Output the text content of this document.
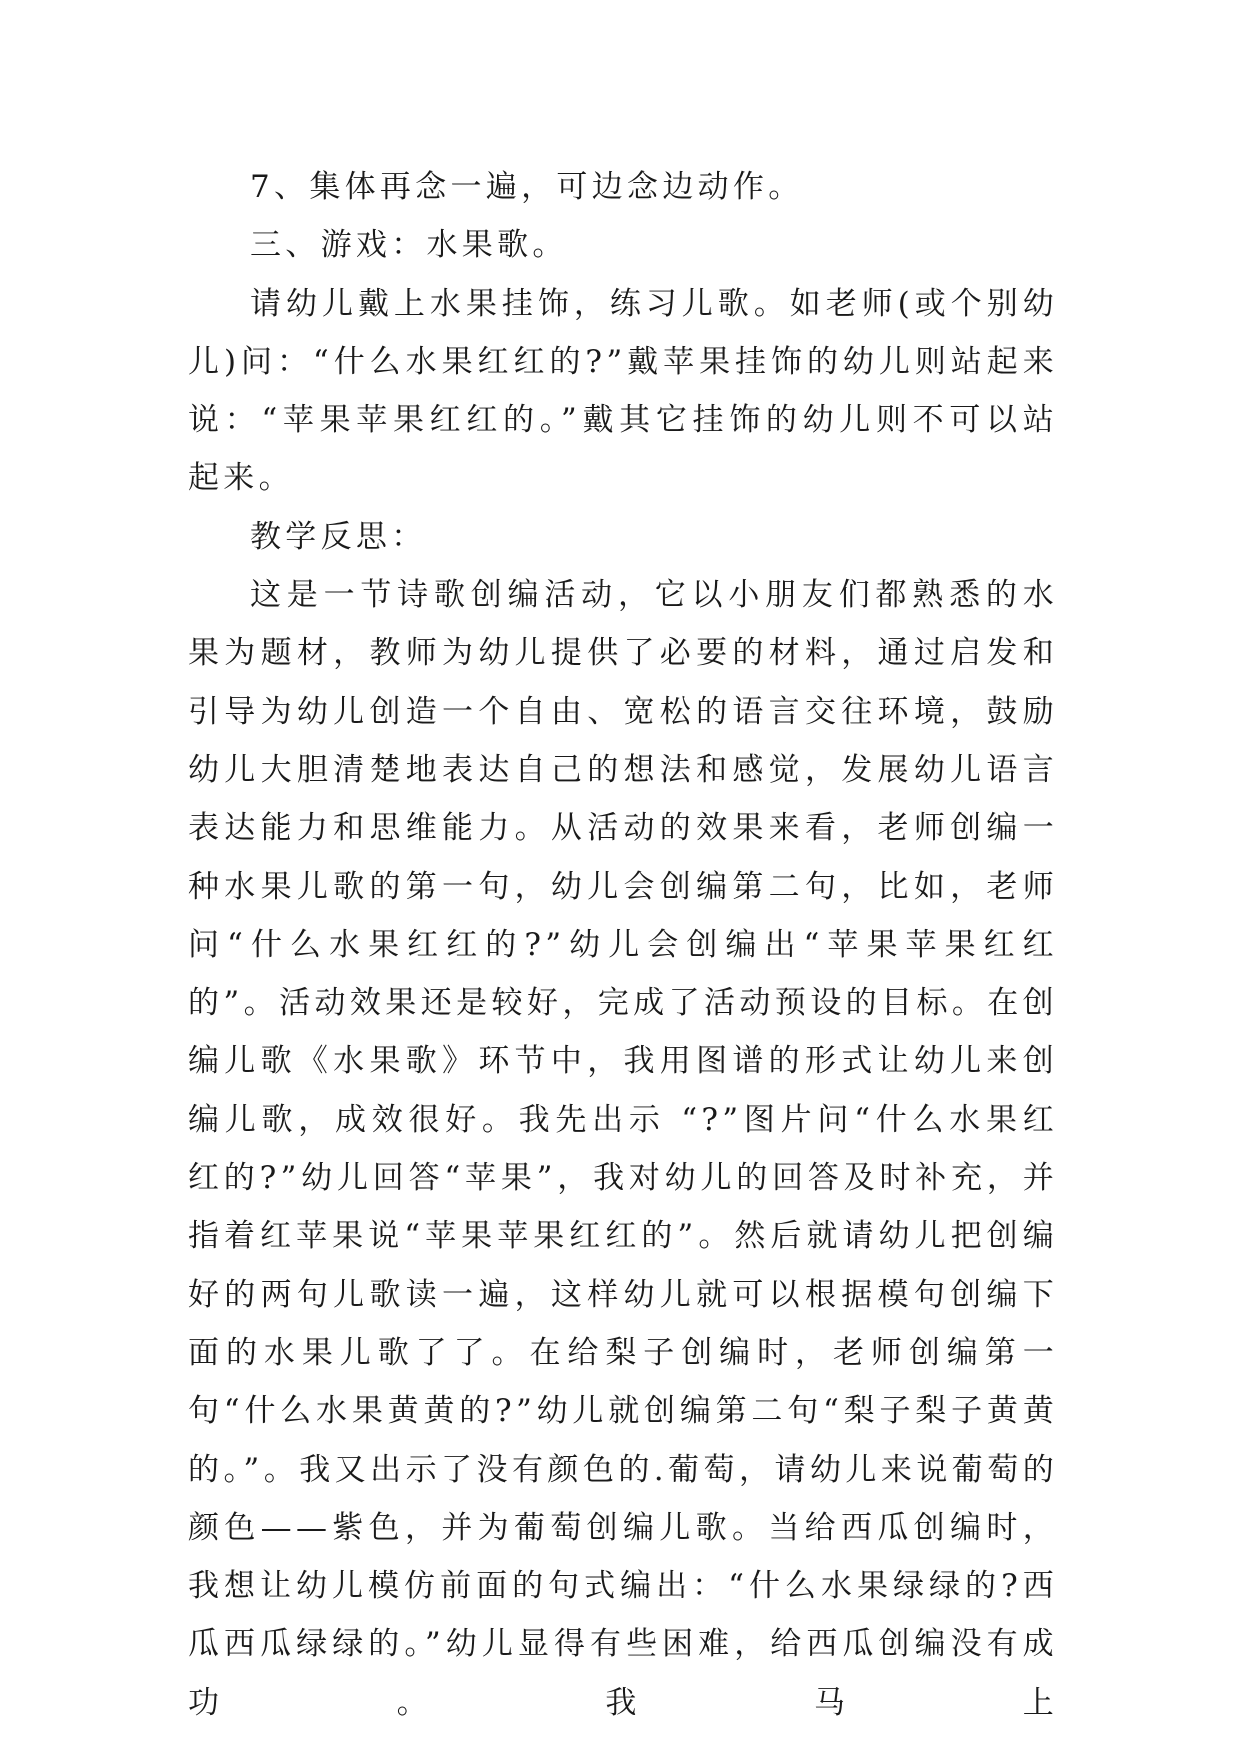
7、集体再念一遍，可边念边动作。

三、游戏：水果歌。

请幼儿戴上水果挂饰，练习儿歌。如老师(或个别幼儿)问：“什么水果红红的?”戴苹果挂饰的幼儿则站起来说：“苹果苹果红红的。”戴其它挂饰的幼儿则不可以站起来。

教学反思：

这是一节诗歌创编活动，它以小朋友们都熟悉的水果为题材，教师为幼儿提供了必要的材料，通过启发和引导为幼儿创造一个自由、宽松的语言交往环境，鼓励幼儿大胆清楚地表达自己的想法和感觉，发展幼儿语言表达能力和思维能力。从活动的效果来看，老师创编一种水果儿歌的第一句，幼儿会创编第二句，比如，老师问“什么水果红红的?”幼儿会创编出“苹果苹果红红的”。活动效果还是较好，完成了活动预设的目标。在创编儿歌《水果歌》环节中，我用图谱的形式让幼儿来创编儿歌，成效很好。我先出示 “?”图片问“什么水果红红的?”幼儿回答“苹果”，我对幼儿的回答及时补充，并指着红苹果说“苹果苹果红红的”。然后就请幼儿把创编好的两句儿歌读一遍，这样幼儿就可以根据模句创编下面的水果儿歌了了。在给梨子创编时，老师创编第一句“什么水果黄黄的?”幼儿就创编第二句“梨子梨子黄黄的。”。我又出示了没有颜色的.葡萄，请幼儿来说葡萄的颜色——紫色，并为葡萄创编儿歌。当给西瓜创编时，我想让幼儿模仿前面的句式编出：“什么水果绿绿的?西瓜西瓜绿绿的。”幼儿显得有些困难，给西瓜创编没有成功。我马上
